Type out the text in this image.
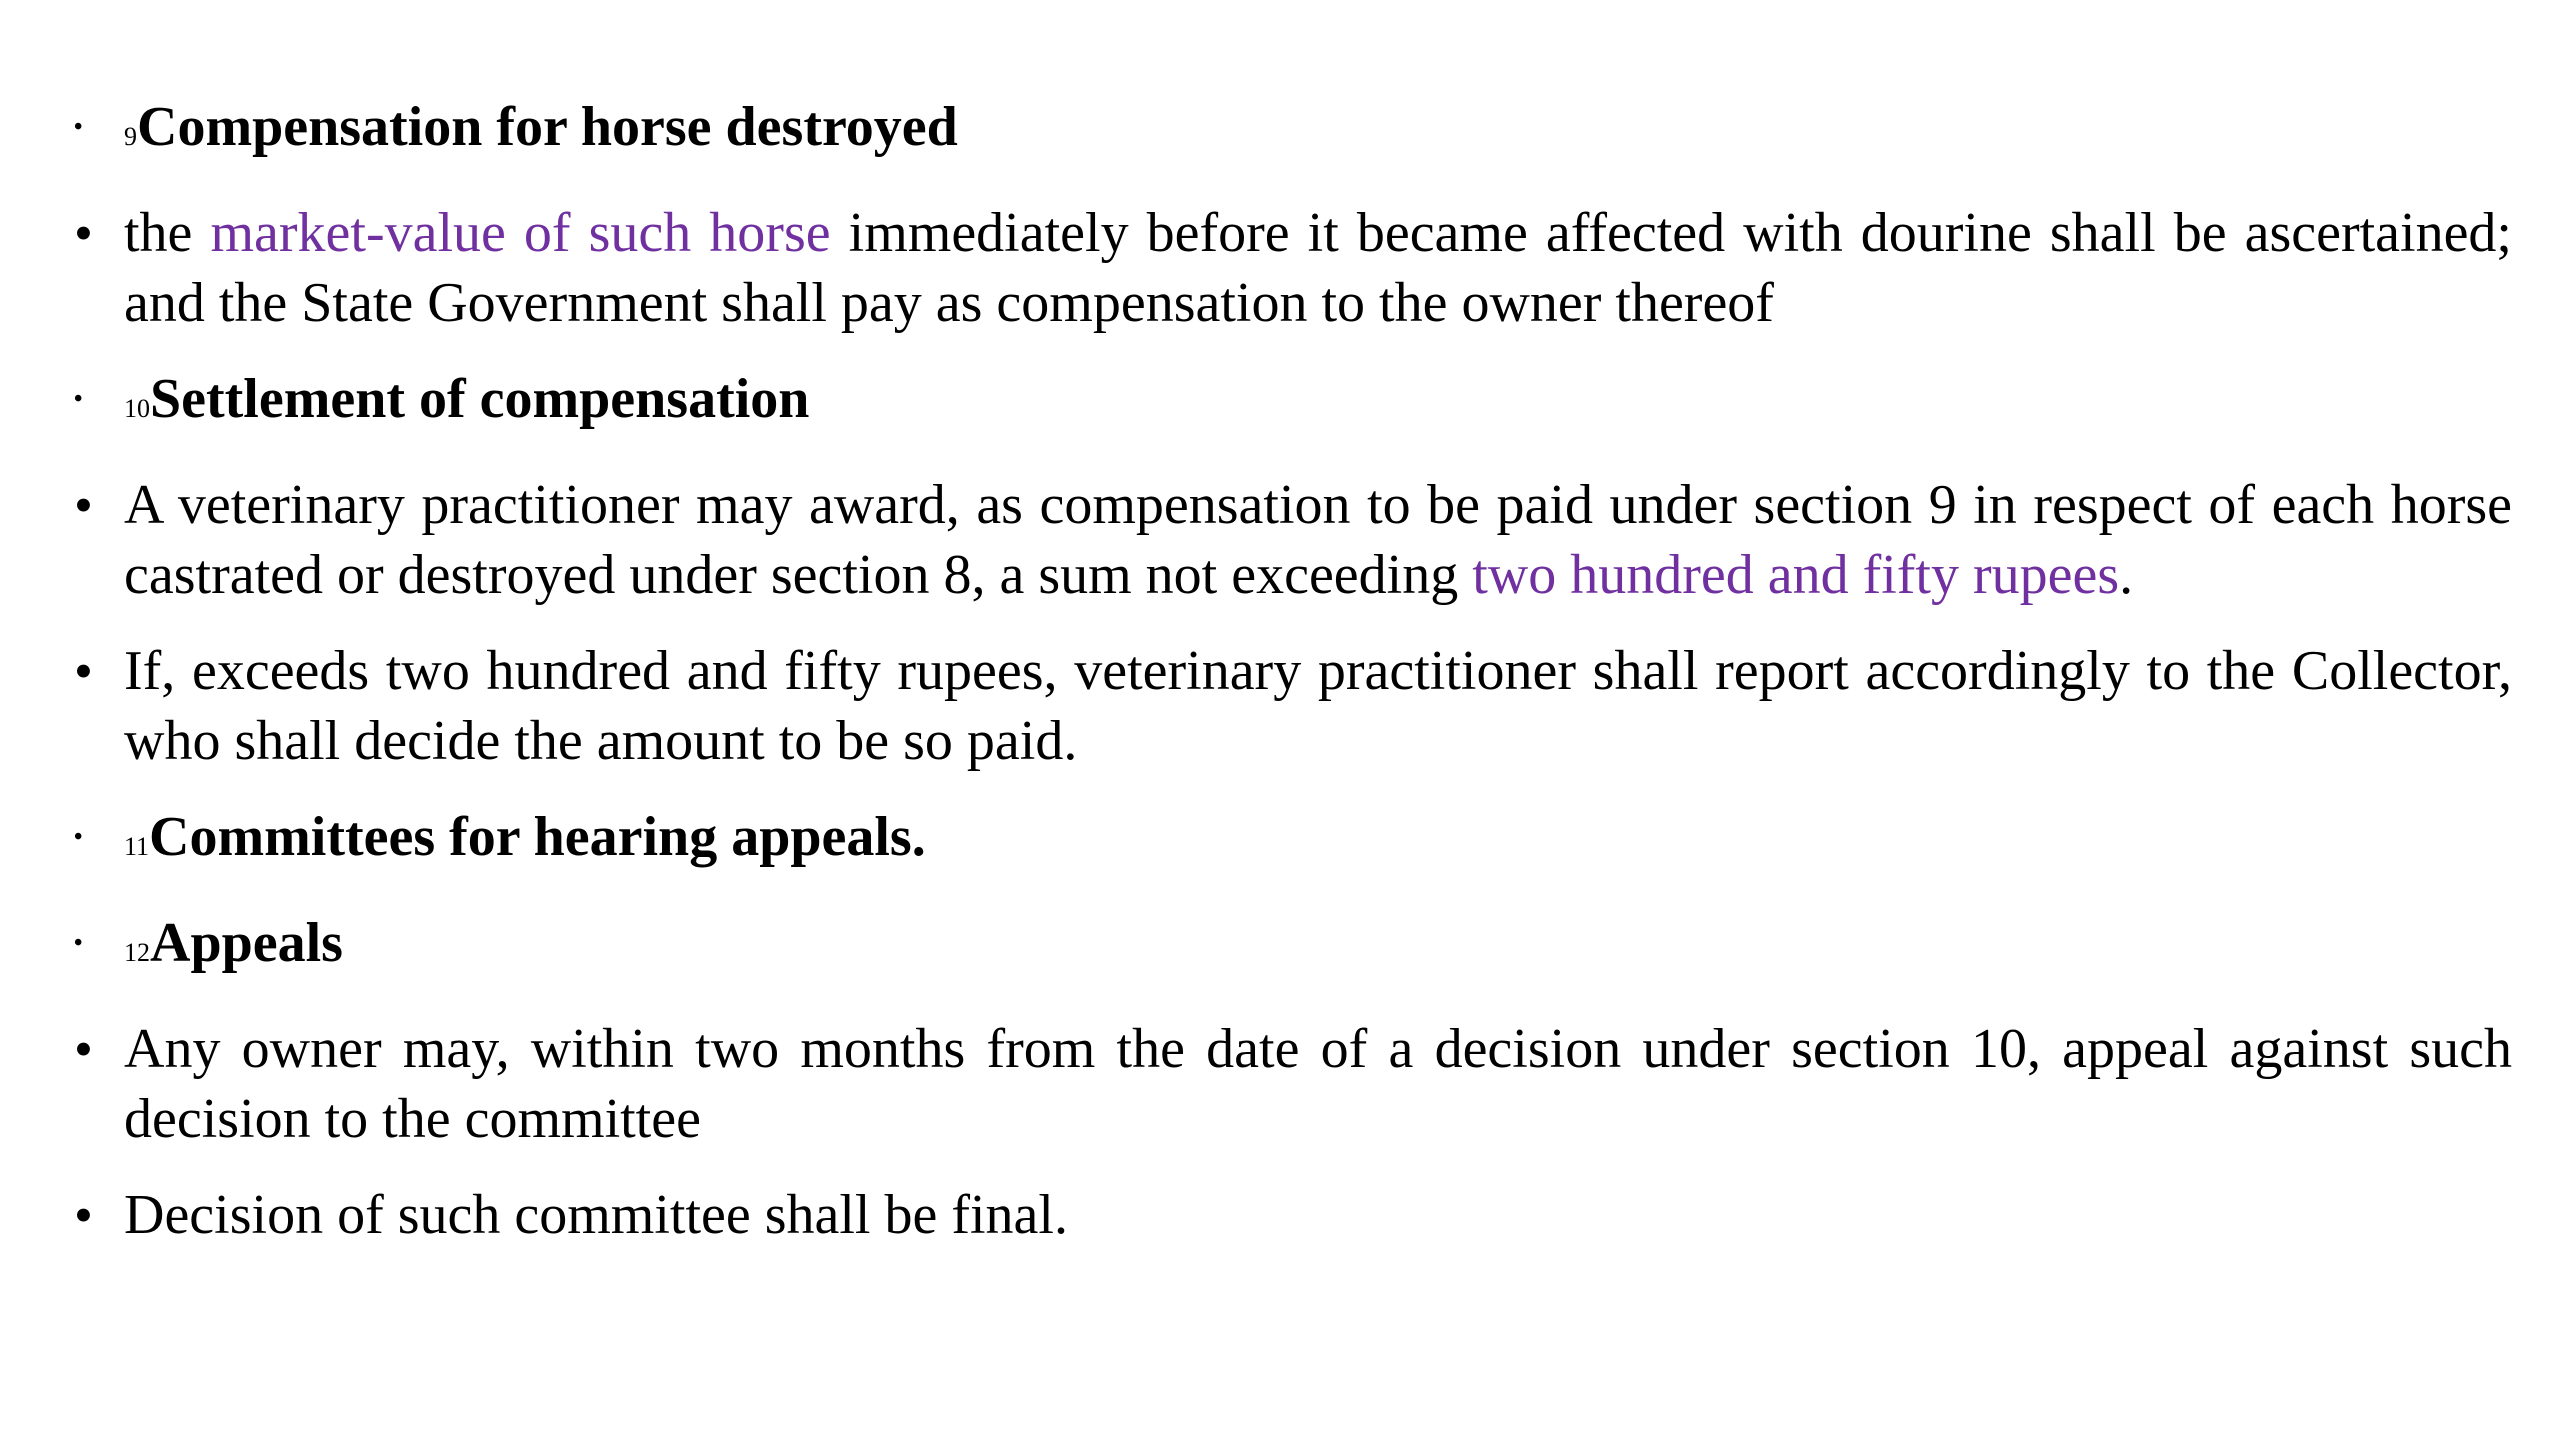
• 9Compensation for horse destroyed

• the market-value of such horse immediately before it became affected with dourine shall be ascertained; and the State Government shall pay as compensation to the owner thereof

• 10Settlement of compensation

• A veterinary practitioner may award, as compensation to be paid under section 9 in respect of each horse castrated or destroyed under section 8, a sum not exceeding two hundred and fifty rupees.

• If, exceeds two hundred and fifty rupees, veterinary practitioner shall report accordingly to the Collector, who shall decide the amount to be so paid.

• 11Committees for hearing appeals.

• 12Appeals

• Any owner may, within two months from the date of a decision under section 10, appeal against such decision to the committee

• Decision of such committee shall be final.
